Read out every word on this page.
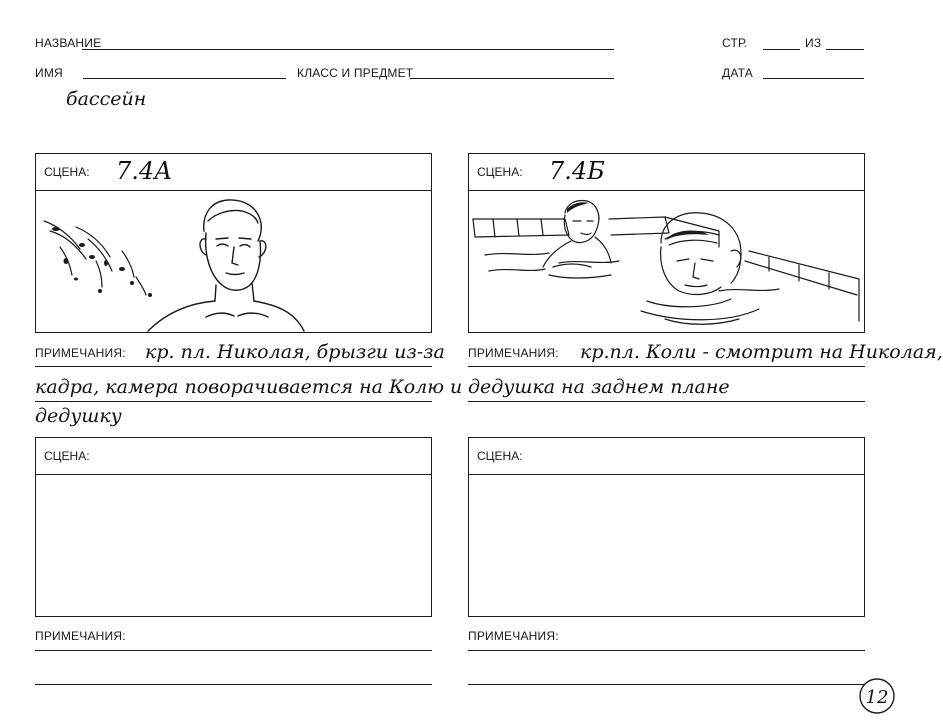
НАЗВАНИЕ	СТР.	ИЗ
ИМЯ	КЛАСС И ПРЕДМЕТ	ДАТА
бассейн
СЦЕНА: 7.4А
ПРИМЕЧАНИЯ: кр. пл. Николая, брызги из-за
кадра, камера поворачивается на Колю и
дедушку
СЦЕНА: 7.4Б
ПРИМЕЧАНИЯ: кр.пл. Коли - смотрит на Николая,
дедушка на заднем плане
СЦЕНА:
ПРИМЕЧАНИЯ:
СЦЕНА:
ПРИМЕЧАНИЯ:
12
